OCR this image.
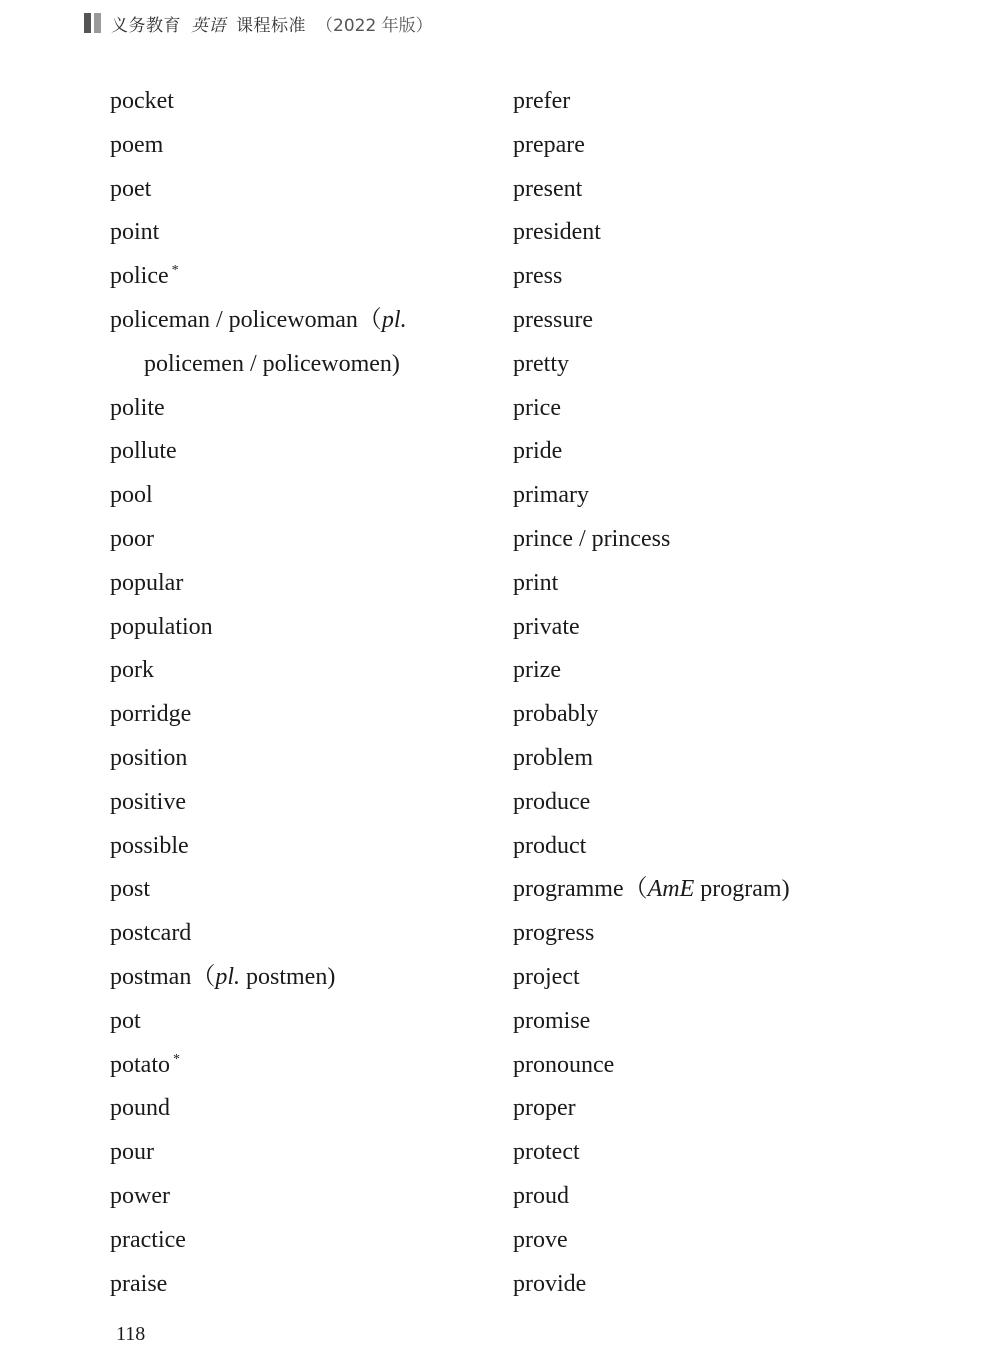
义务教育 英语 课程标准 （2022 年版）
pocket
poem
poet
point
police *
policeman / policewoman（pl.
policemen / policewomen)
polite
pollute
pool
poor
popular
population
pork
porridge
position
positive
possible
post
postcard
postman（pl. postmen)
pot
potato *
pound
pour
power
practice
praise
prefer
prepare
present
president
press
pressure
pretty
price
pride
primary
prince / princess
print
private
prize
probably
problem
produce
product
programme（AmE program)
progress
project
promise
pronounce
proper
protect
proud
prove
provide
118
